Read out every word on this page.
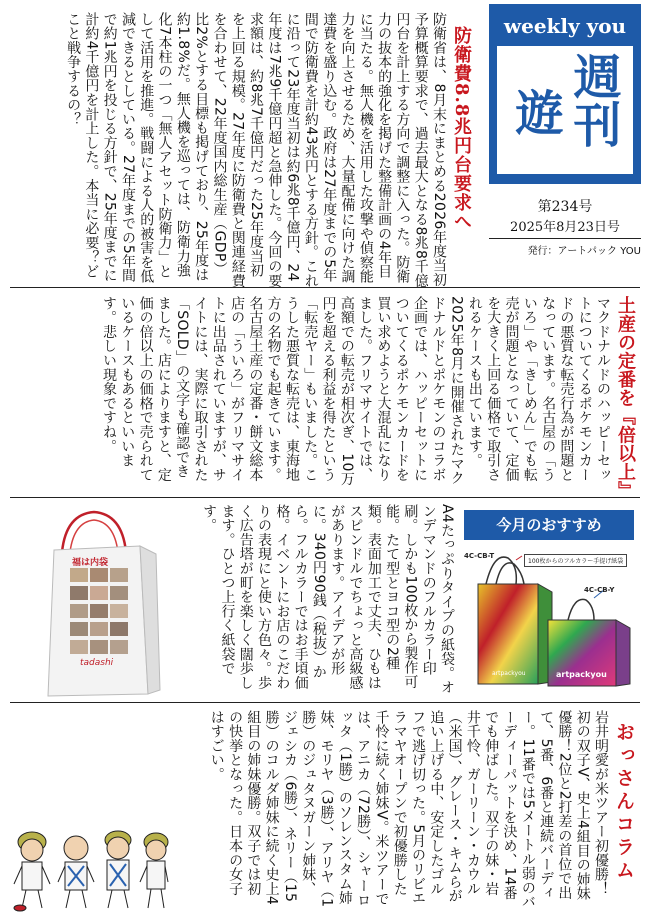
防衛費8.8兆円台要求へ
防衛省は、8月末にまとめる2026年度当初予算概算要求で、過去最大となる8兆8千億円台を計上する方向で調整に入った。防衛力の抜本的強化を掲げた整備計画の4年目に当たる。無人機を活用した攻撃や偵察能力を向上させるため、大量配備に向けた調達費を盛り込む。政府は27年度までの5年間で防衛費を計約43兆円とする方針。これに沿って23年度当初は約6兆8千億円、24年度は7兆9千億円超と急伸した。今回の要求額は、約8兆7千億円だった25年度当初を上回る規模。27年度に防衛費と関連経費を合わせて、22年度国内総生産（GDP）比2%とする目標も掲げており、25年度は約1.8%だ。無人機を巡っては、防衛力強化7本柱の一つ「無人アセット防衛力」として活用を推進。戦闘による人的被害を低減できるとしている。27年度までの5年間で約1兆円を投じる方針で、25年度までに計約4千億円を計上した。本当に必要？どこと戦争するの？	weekly you
週刊
遊
第234号
2025年8月23日号
発行：アートパック YOU
土産の定番を『倍以上』
マクドナルドのハッピーセットについてくるポケモンカードの悪質な転売行為が問題となっています。名古屋の「ういろ」や「きしめん」でも転売が問題となっていて、定価を大きく上回る価格で取引されるケースも出ています。2025年8月に開催されたマクドナルドとポケモンのコラボ企画では、ハッピーセットについてくるポケモンカードを買い求めようと大混乱になりました。フリマサイトでは、高額での転売が相次ぎ、10万円を超える利益を得たという「転売ヤー」もいました。こうした悪質な転売は、東海地方の名物でも起きています。名古屋土産の定番・餅文総本店の「ういろ」がフリマサイトに出品されていますが、サイトには、実際に取引された「SOLD」の文字も確認できました。店によりますと、定価の倍以上の価格で売られているケースもあるといいます。悲しい現象ですね。
福は内袋
tadashi	A4たっぷりタイプの紙袋。オンデマンドのフルカラー印刷。しかも100枚から製作可能。たて型とヨコ型の2種類。表面加工で丈夫、ひもはスピンドルでちょっと高級感があります。アイデアが形に。340円90銭（税抜）から。フルカラーではお手頃価格。イベントにお店のこだわりの表現にと使い方色々。歩く広告塔が町を楽しく闊歩します。ひとつ上行く紙袋です。	今月のおすすめ
4C-CB-T
100枚からのフルカラー手提げ紙袋
4C-CB-Y
artpackyou	artpackyou
おっさんコラム
岩井明愛が米ツアー初優勝！初の双子V、史上4組目の姉妹優勝！2位と2打差の首位で出て、5番、6番と連続バーディー。11番では5メートル弱のバーディーパットを決め、14番でも伸ばした。双子の妹・岩井千怜、ガーリーン・カウル（米国）、グレース・キムらが追い上げる中、安定したゴルフで逃げ切った。5月のリビエラマヤオープンで初優勝した千怜に続く姉妹V。米ツアーでは、アニカ（72勝）、シャーロッタ（1勝）のソレンスタム姉妹、モリヤ（3勝）、アリヤ（1勝）のジュタヌガーン姉妹、ジェシカ（6勝）、ネリー（15勝）のコルダ姉妹に続く史上4組目の姉妹優勝。双子では初の快挙となった。日本の女子はすごい。
